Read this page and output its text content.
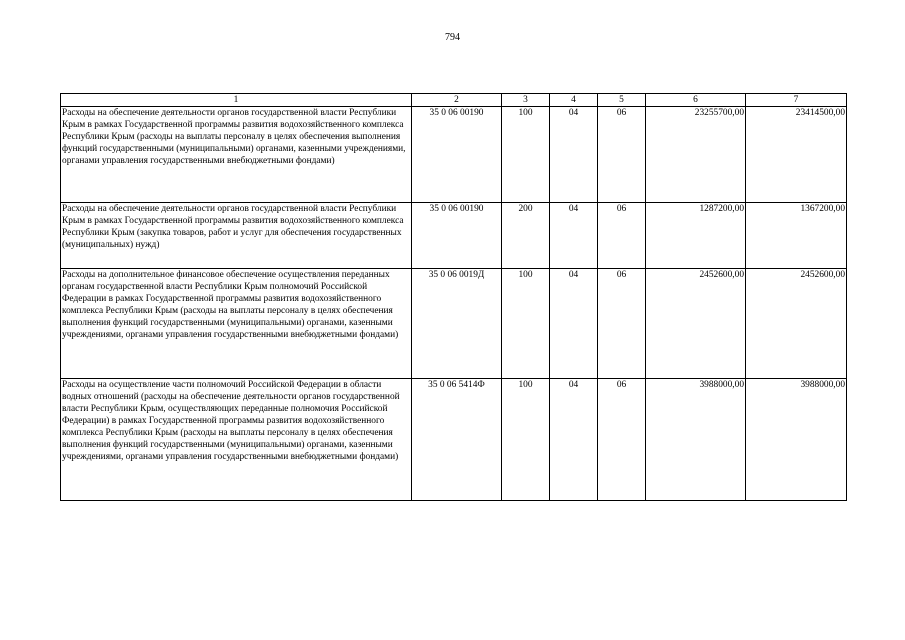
794
1	2	3	4	5	6	7
Расходы на обеспечение деятельности органов государственной власти Республики Крым в рамках Государственной программы развития водохозяйственного комплекса Республики Крым (расходы на выплаты персоналу в целях обеспечения выполнения функций государственными (муниципальными) органами, казенными учреждениями, органами управления государственными внебюджетными фондами)	35 0 06 00190	100	04	06	23255700,00	23414500,00
Расходы на обеспечение деятельности органов государственной власти Республики Крым в рамках Государственной программы развития водохозяйственного комплекса Республики Крым (закупка товаров, работ и услуг для обеспечения государственных (муниципальных) нужд)	35 0 06 00190	200	04	06	1287200,00	1367200,00
Расходы на дополнительное финансовое обеспечение осуществления переданных органам государственной власти Республики Крым полномочий Российской Федерации в рамках Государственной программы развития водохозяйственного комплекса Республики Крым (расходы на выплаты персоналу в целях обеспечения выполнения функций государственными (муниципальными) органами, казенными учреждениями, органами управления государственными внебюджетными фондами)	35 0 06 0019Д	100	04	06	2452600,00	2452600,00
Расходы на осуществление части полномочий Российской Федерации в области водных отношений (расходы на обеспечение деятельности органов государственной власти Республики Крым, осуществляющих переданные полномочия Российской Федерации) в рамках Государственной программы развития водохозяйственного комплекса Республики Крым (расходы на выплаты персоналу в целях обеспечения выполнения функций государственными (муниципальными) органами, казенными учреждениями, органами управления государственными внебюджетными фондами)	35 0 06 5414Ф	100	04	06	3988000,00	3988000,00
